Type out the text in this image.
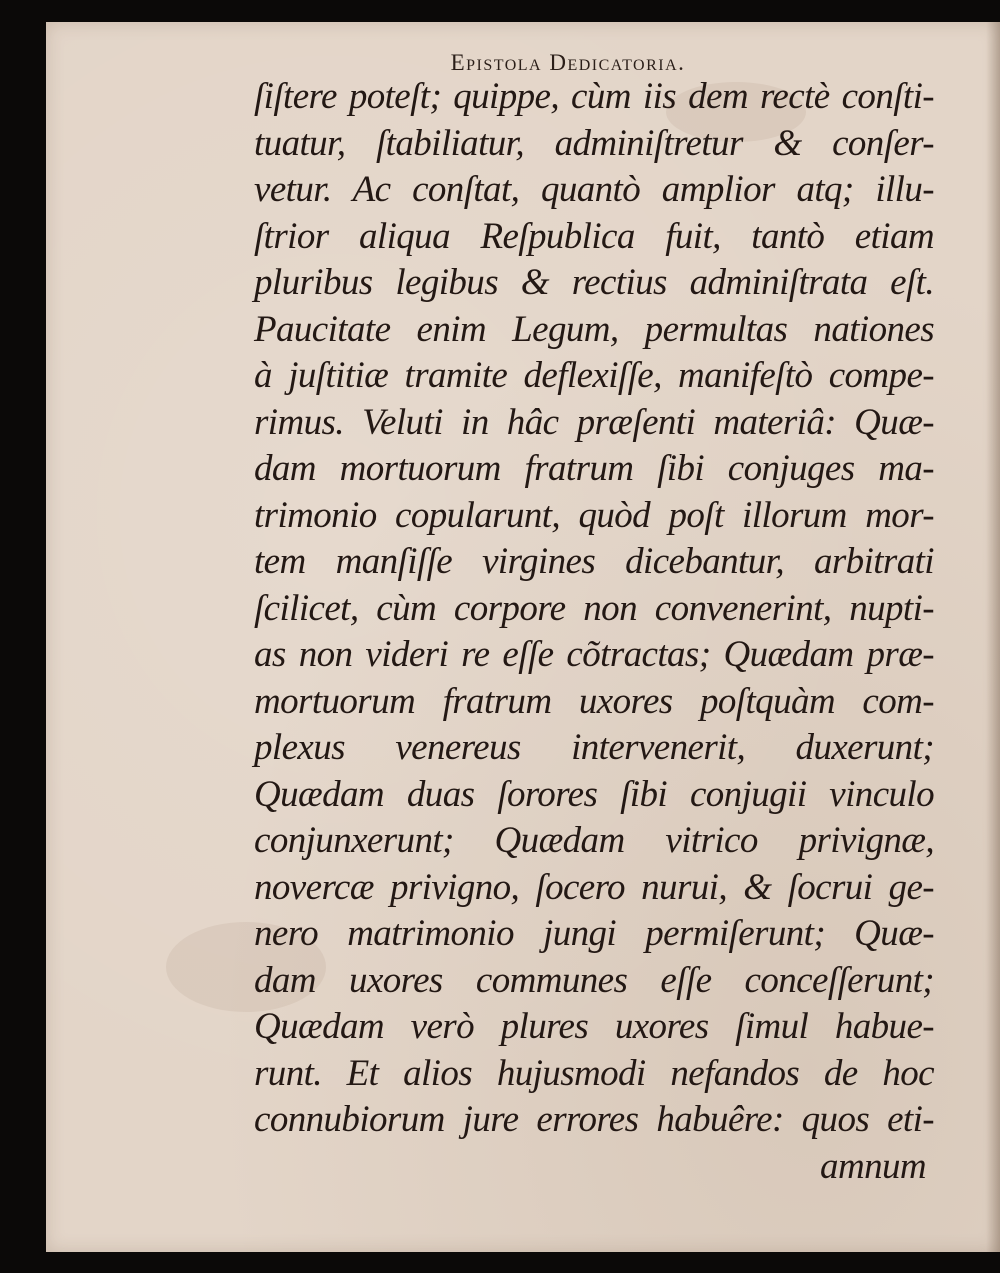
Epistola Dedicatoria.
ſiſtere poteſt; quippe, cùm iis dem rectè conſti-
tuatur, ſtabiliatur, adminiſtretur & conſer-
vetur. Ac conſtat, quantò amplior atq; illu-
ſtrior aliqua Reſpublica fuit, tantò etiam
pluribus legibus & rectius adminiſtrata eſt.
Paucitate enim Legum, permultas nationes
à juſtitiæ tramite deflexiſſe, manifeſtò compe-
rimus. Veluti in hâc præſenti materiâ: Quæ-
dam mortuorum fratrum ſibi conjuges ma-
trimonio copularunt, quòd poſt illorum mor-
tem manſiſſe virgines dicebantur, arbitrati
ſcilicet, cùm corpore non convenerint, nupti-
as non videri re eſſe cõtractas; Quædam præ-
mortuorum fratrum uxores poſtquàm com-
plexus venereus intervenerit, duxerunt;
Quædam duas ſorores ſibi conjugii vinculo
conjunxerunt; Quædam vitrico privignæ,
novercæ privigno, ſocero nurui, & ſocrui ge-
nero matrimonio jungi permiſerunt; Quæ-
dam uxores communes eſſe conceſſerunt;
Quædam verò plures uxores ſimul habue-
runt. Et alios hujusmodi nefandos de hoc
connubiorum jure errores habuêre: quos eti-
amnum
